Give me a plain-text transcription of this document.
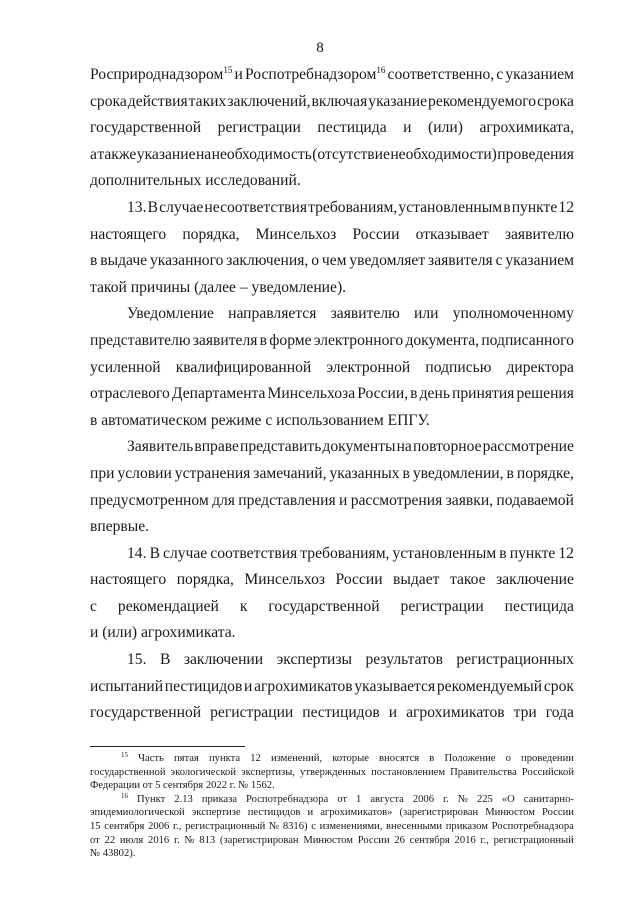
8
Росприроднадзором$^{15}$ и Роспотребнадзором$^{16}$ соответственно, с указанием
срока действия таких заключений, включая указание рекомендуемого срока
государственной регистрации пестицида и (или) агрохимиката,
а также указание на необходимость (отсутствие необходимости) проведения
дополнительных исследований.
13. В случае несоответствия требованиям, установленным в пункте 12
настоящего порядка, Минсельхоз России отказывает заявителю
в выдаче указанного заключения, о чем уведомляет заявителя с указанием
такой причины (далее – уведомление).
Уведомление направляется заявителю или уполномоченному
представителю заявителя в форме электронного документа, подписанного
усиленной квалифицированной электронной подписью директора
отраслевого Департамента Минсельхоза России, в день принятия решения
в автоматическом режиме с использованием ЕПГУ.
Заявитель вправе представить документы на повторное рассмотрение
при условии устранения замечаний, указанных в уведомлении, в порядке,
предусмотренном для представления и рассмотрения заявки, подаваемой
впервые.
14. В случае соответствия требованиям, установленным в пункте 12
настоящего порядка, Минсельхоз России выдает такое заключение
с рекомендацией к государственной регистрации пестицида
и (или) агрохимиката.
15. В заключении экспертизы результатов регистрационных
испытаний пестицидов и агрохимикатов указывается рекомендуемый срок
государственной регистрации пестицидов и агрохимикатов три года
$^{15}$ Часть пятая пункта 12 изменений, которые вносятся в Положение о проведении
государственной экологической экспертизы, утвержденных постановлением Правительства Российской
Федерации от 5 сентября 2022 г. № 1562.
$^{16}$ Пункт 2.13 приказа Роспотребнадзора от 1 августа 2006 г. № 225 «О санитарно-
эпидемиологической экспертизе пестицидов и агрохимикатов» (зарегистрирован Минюстом России
15 сентября 2006 г., регистрационный № 8316) с изменениями, внесенными приказом Роспотребнадзора
от 22 июля 2016 г. № 813 (зарегистрирован Минюстом России 26 сентября 2016 г., регистрационный
№ 43802).
